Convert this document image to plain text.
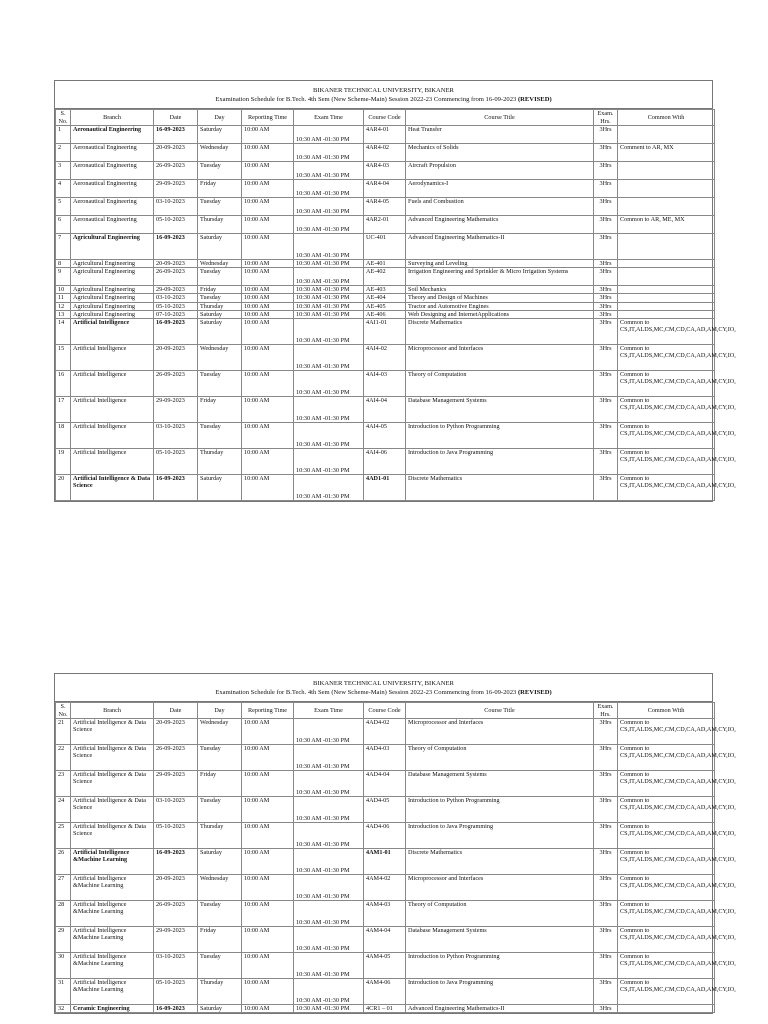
BIKANER TECHNICAL UNIVERSITY, BIKANER
Examination Schedule for B.Tech. 4th Sem (New Scheme-Main) Session 2022-23 Commencing from 16-09-2023 (REVISED)
S. No.	Branch	Date	Day	Reporting Time	Exam Time	Course Code	Course Title	Exam. Hrs.	Common With
1	Aeronautical Engineering	16-09-2023	Saturday	10:00 AM	10:30 AM -01:30 PM	4AR4-01	Heat Transfer	3Hrs	
2	Aeronautical Engineering	20-09-2023	Wednesday	10:00 AM	10:30 AM -01:30 PM	4AR4-02	Mechanics of Solids	3Hrs	Comment to AR, MX
3	Aeronautical Engineering	26-09-2023	Tuesday	10:00 AM	10:30 AM -01:30 PM	4AR4-03	Aircraft Propulsion	3Hrs	
4	Aeronautical Engineering	29-09-2023	Friday	10:00 AM	10:30 AM -01:30 PM	4AR4-04	Aerodynamics-I	3Hrs	
5	Aeronautical Engineering	03-10-2023	Tuesday	10:00 AM	10:30 AM -01:30 PM	4AR4-05	Fuels and Combustion	3Hrs	
6	Aeronautical Engineering	05-10-2023	Thursday	10:00 AM	10:30 AM -01:30 PM	4AR2-01	Advanced Engineering Mathematics	3Hrs	Common to AR, ME, MX
7	Agricultural Engineering	16-09-2023	Saturday	10:00 AM	10:30 AM -01:30 PM	UC-401	Advanced Engineering Mathematics-II	3Hrs	
8	Agricultural Engineering	20-09-2023	Wednesday	10:00 AM	10:30 AM -01:30 PM	AE-401	Surveying and Leveling	3Hrs	
9	Agricultural Engineering	26-09-2023	Tuesday	10:00 AM	10:30 AM -01:30 PM	AE-402	Irrigation Engineering and Sprinkler & Micro Irrigation Systems	3Hrs	
10	Agricultural Engineering	29-09-2023	Friday	10:00 AM	10:30 AM -01:30 PM	AE-403	Soil Mechanics	3Hrs	
11	Agricultural Engineering	03-10-2023	Tuesday	10:00 AM	10:30 AM -01:30 PM	AE-404	Theory and Design of Machines	3Hrs	
12	Agricultural Engineering	05-10-2023	Thursday	10:00 AM	10:30 AM -01:30 PM	AE-405	Tractor and Automotive Engines	3Hrs	
13	Agricultural Engineering	07-10-2023	Saturday	10:00 AM	10:30 AM -01:30 PM	AE-406	Web Designing and InternetApplications	3Hrs	
14	Artificial Intelligence	16-09-2023	Saturday	10:00 AM	10:30 AM -01:30 PM	4AI1-01	Discrete Mathematics	3Hrs	Common to CS,IT,ALDS,MC,CM,CD,CA,AD,AM,CY,IO,
15	Artificial Intelligence	20-09-2023	Wednesday	10:00 AM	10:30 AM -01:30 PM	4AI4-02	Microprocessor and Interfaces	3Hrs	Common to CS,IT,ALDS,MC,CM,CD,CA,AD,AM,CY,IO,
16	Artificial Intelligence	26-09-2023	Tuesday	10:00 AM	10:30 AM -01:30 PM	4AI4-03	Theory of Computation	3Hrs	Common to CS,IT,ALDS,MC,CM,CD,CA,AD,AM,CY,IO,
17	Artificial Intelligence	29-09-2023	Friday	10:00 AM	10:30 AM -01:30 PM	4AI4-04	Database Management Systems	3Hrs	Common to CS,IT,ALDS,MC,CM,CD,CA,AD,AM,CY,IO,
18	Artificial Intelligence	03-10-2023	Tuesday	10:00 AM	10:30 AM -01:30 PM	4AI4-05	Introduction to Python Programming	3Hrs	Common to CS,IT,ALDS,MC,CM,CD,CA,AD,AM,CY,IO,
19	Artificial Intelligence	05-10-2023	Thursday	10:00 AM	10:30 AM -01:30 PM	4AI4-06	Introduction to Java Programming	3Hrs	Common to CS,IT,ALDS,MC,CM,CD,CA,AD,AM,CY,IO,
20	Artificial Intelligence & Data Science	16-09-2023	Saturday	10:00 AM	10:30 AM -01:30 PM	4AD1-01	Discrete Mathematics	3Hrs	Common to CS,IT,ALDS,MC,CM,CD,CA,AD,AM,CY,IO,
BIKANER TECHNICAL UNIVERSITY, BIKANER
Examination Schedule for B.Tech. 4th Sem (New Scheme-Main) Session 2022-23 Commencing from 16-09-2023 (REVISED)
S. No.	Branch	Date	Day	Reporting Time	Exam Time	Course Code	Course Title	Exam. Hrs.	Common With
21	Artificial Intelligence & Data Science	20-09-2023	Wednesday	10:00 AM	10:30 AM -01:30 PM	4AD4-02	Microprocessor and Interfaces	3Hrs	Common to CS,IT,ALDS,MC,CM,CD,CA,AD,AM,CY,IO,
22	Artificial Intelligence & Data Science	26-09-2023	Tuesday	10:00 AM	10:30 AM -01:30 PM	4AD4-03	Theory of Computation	3Hrs	Common to CS,IT,ALDS,MC,CM,CD,CA,AD,AM,CY,IO,
23	Artificial Intelligence & Data Science	29-09-2023	Friday	10:00 AM	10:30 AM -01:30 PM	4AD4-04	Database Management Systems	3Hrs	Common to CS,IT,ALDS,MC,CM,CD,CA,AD,AM,CY,IO,
24	Artificial Intelligence & Data Science	03-10-2023	Tuesday	10:00 AM	10:30 AM -01:30 PM	4AD4-05	Introduction to Python Programming	3Hrs	Common to CS,IT,ALDS,MC,CM,CD,CA,AD,AM,CY,IO,
25	Artificial Intelligence & Data Science	05-10-2023	Thursday	10:00 AM	10:30 AM -01:30 PM	4AD4-06	Introduction to Java Programming	3Hrs	Common to CS,IT,ALDS,MC,CM,CD,CA,AD,AM,CY,IO,
26	Artificial Intelligence &Machine Learning	16-09-2023	Saturday	10:00 AM	10:30 AM -01:30 PM	4AM1-01	Discrete Mathematics	3Hrs	Common to CS,IT,ALDS,MC,CM,CD,CA,AD,AM,CY,IO,
27	Artificial Intelligence &Machine Learning	20-09-2023	Wednesday	10:00 AM	10:30 AM -01:30 PM	4AM4-02	Microprocessor and Interfaces	3Hrs	Common to CS,IT,ALDS,MC,CM,CD,CA,AD,AM,CY,IO,
28	Artificial Intelligence &Machine Learning	26-09-2023	Tuesday	10:00 AM	10:30 AM -01:30 PM	4AM4-03	Theory of Computation	3Hrs	Common to CS,IT,ALDS,MC,CM,CD,CA,AD,AM,CY,IO,
29	Artificial Intelligence &Machine Learning	29-09-2023	Friday	10:00 AM	10:30 AM -01:30 PM	4AM4-04	Database Management Systems	3Hrs	Common to CS,IT,ALDS,MC,CM,CD,CA,AD,AM,CY,IO,
30	Artificial Intelligence &Machine Learning	03-10-2023	Tuesday	10:00 AM	10:30 AM -01:30 PM	4AM4-05	Introduction to Python Programming	3Hrs	Common to CS,IT,ALDS,MC,CM,CD,CA,AD,AM,CY,IO,
31	Artificial Intelligence &Machine Learning	05-10-2023	Thursday	10:00 AM	10:30 AM -01:30 PM	4AM4-06	Introduction to Java Programming	3Hrs	Common to CS,IT,ALDS,MC,CM,CD,CA,AD,AM,CY,IO,
32	Ceramic Engineering	16-09-2023	Saturday	10:00 AM	10:30 AM -01:30 PM	4CR1 – 01	Advanced Engineering Mathematics-II	3Hrs	
